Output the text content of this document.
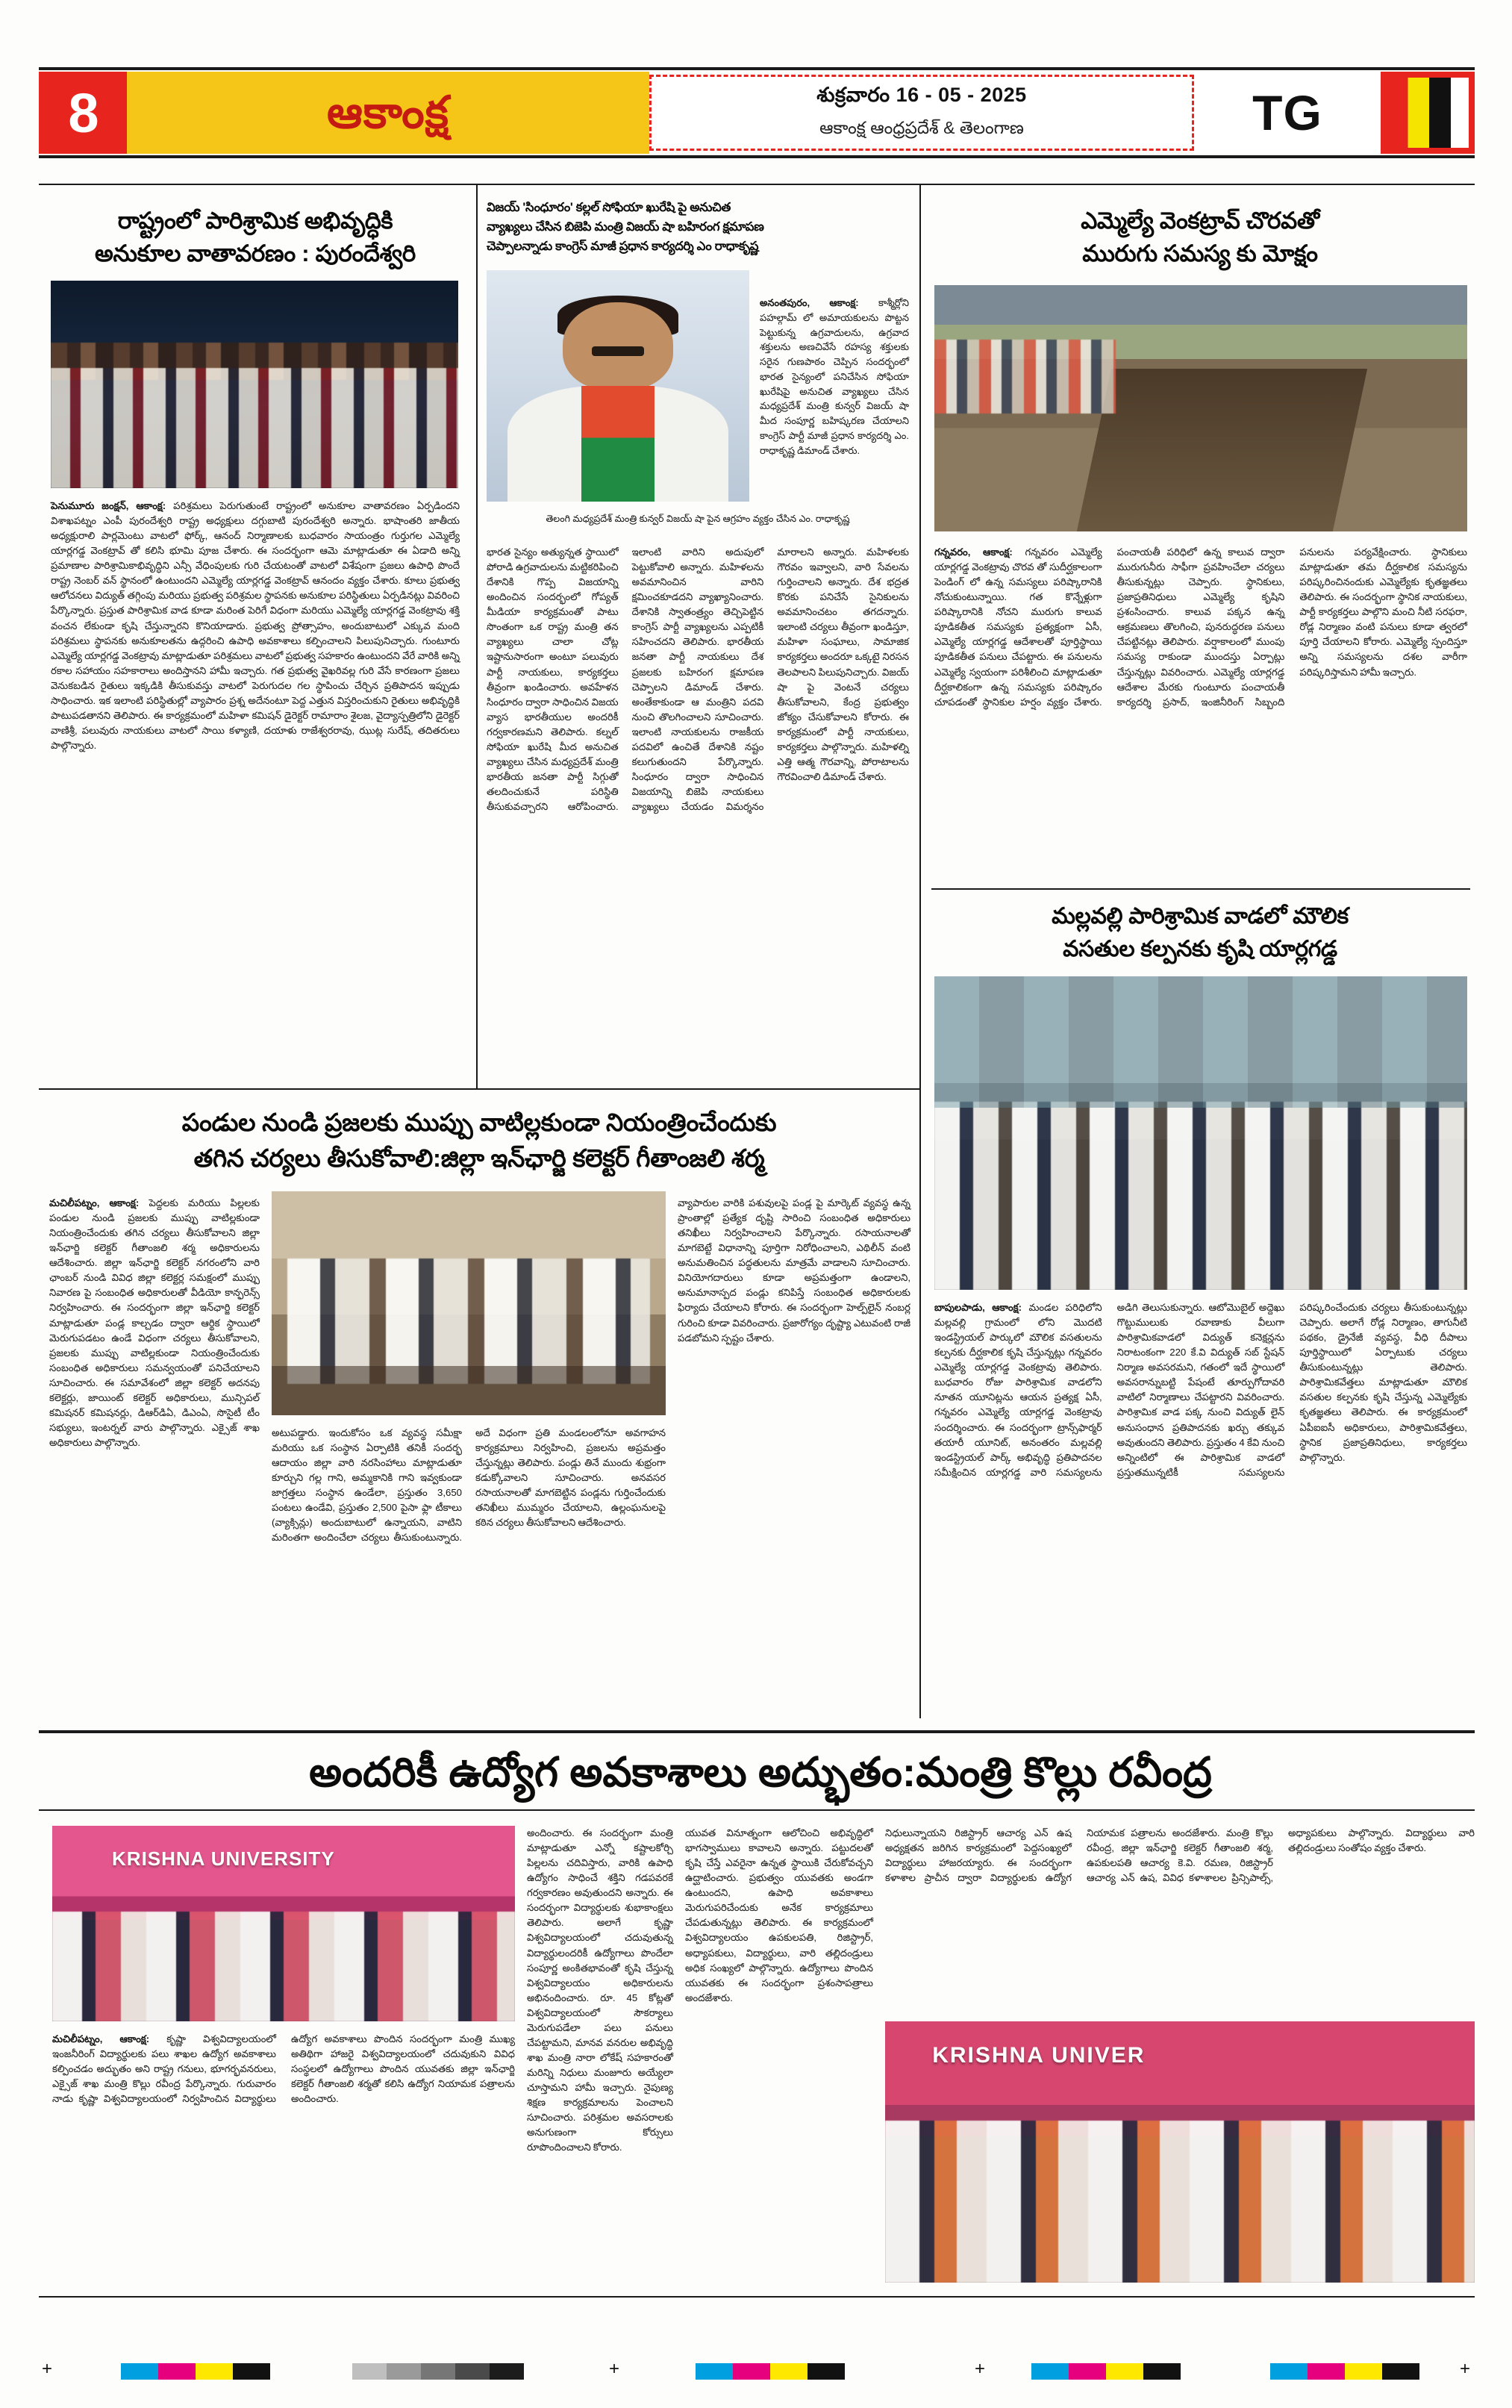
8	ఆకాంక్ష	శుక్రవారం 16 - 05 - 2025
ఆకాంక్ష ఆంధ్రప్రదేశ్ & తెలంగాణ	TG
రాష్ట్రంలో పారిశ్రామిక అభివృద్ధికి
అనుకూల వాతావరణం : పురందేశ్వరి
పెనుమూరు జంక్షన్, ఆకాంక్ష: పరిశ్రమలు పెరుగుతుంటే రాష్ట్రంలో అనుకూల వాతావరణం ఏర్పడిందని విశాఖపట్నం ఎంపీ పురందేశ్వరి రాష్ట్ర అధ్యక్షులు దగ్గుబాటి పురందేశ్వరి అన్నారు. భాషాంతరి జాతీయ అధ్యక్షురాలి పార్లమెంటు వాటలో ఫోర్క్, ఆనంద్ నిర్మాణాలకు బుధవారం సాయంత్రం గుర్తుగల ఎమ్మెల్యే యార్లగడ్డ వెంకట్రావ్ తో కలిసి భూమి పూజ చేశారు. ఈ సందర్భంగా ఆమె మాట్లాడుతూ ఈ ఏడాది అన్ని ప్రమాణాల పారిశ్రామికాభివృద్ధిని ఎన్సీ వేధింపులకు గురి చేయటంతో వాటలో విశేషంగా ప్రజలు ఉపాధి పొందే రాష్ట్ర నెంబర్ వన్ స్థానంలో ఉంటుందని ఎమ్మెల్యే యార్లగడ్డ వెంకట్రావ్ ఆనందం వ్యక్తం చేశారు. కూలు ప్రభుత్వ ఆలోచనలు విద్యుత్ తగ్గింపు మరియు ప్రభుత్వ పరిశ్రమల స్థాపనకు అనుకూల పరిస్థితులు ఏర్పడినట్లు వివరించి పేర్కొన్నారు. ప్రస్తుత పారిశ్రామిక వాడ కూడా మరింత పెరిగే విధంగా మరియు ఎమ్మెల్యే యార్లగడ్డ వెంకట్రావు శక్తి వంచన లేకుండా కృషి చేస్తున్నారని కొనియాడారు. ప్రభుత్వ ప్రోత్సాహం, అందుబాటులో ఎక్కువ మంది పరిశ్రమలు స్థాపనకు అనుకూలతను ఉద్గరించి ఉపాధి అవకాశాలు కల్పించాలని పిలుపునిచ్చారు. గుంటూరు ఎమ్మెల్యే యార్లగడ్డ వెంకట్రావు మాట్లాడుతూ పరిశ్రమలు వాటలో ప్రభుత్వ సహకారం ఉంటుందని వేరే వారికి అన్ని రకాల సహాయం సహకారాలు అందిస్తానని హామీ ఇచ్చారు. గత ప్రభుత్వ వైఖరివల్ల గురి వేసే కారణంగా ప్రజలు వెనుకబడిన రైతులు ఇక్కడికి తీసుకువస్తు వాటలో పెరుగుదల గల స్థాపించు చేర్చిన ప్రతిపాదన ఇప్పుడు సాధించారు. ఇక ఇలాంటి పరిస్థితుల్లో వ్యాపారం ప్రశ్న అదేనంటూ పెద్ద ఎత్తున విస్తరించుకుని రైతులు అభివృద్ధికి పాటుపడతానని తెలిపారు. ఈ కార్యక్రమంలో మహిళా కమిషన్ డైరెక్టర్ రామారాం శైలజ, వైద్యాస్పత్రిలోని డైరెక్టర్ వాణిశ్రీ, పలువురు నాయకులు వాటలో సాయి కళ్యాణి, దయాళు రాజేశ్వరరావు, ఝుట్ల సురేష్, తదితరులు పాల్గొన్నారు.
విజయ్ 'సింధూరం' కల్లల్ సోఫియా ఖురేషి పై అనుచిత
వ్యాఖ్యలు చేసిన బిజెపి మంత్రి విజయ్ షా బహిరంగ క్షమాపణ
చెప్పాలన్నాడు కాంగ్రెస్ మాజీ ప్రధాన కార్యదర్శి ఎం రాధాకృష్ణ
అనంతపురం, ఆకాంక్ష: కాశ్మీర్లోని పహల్గామ్ లో అమాయకులను పొట్టన పెట్టుకున్న ఉగ్రవాదులను, ఉగ్రవాద శక్తులను అణచివేసే రహస్య శక్తులకు సరైన గుణపాఠం చెప్పిన సందర్భంలో భారత సైన్యంలో పనిచేసిన సోఫియా ఖురేషిపై అనుచిత వ్యాఖ్యలు చేసిన మధ్యప్రదేశ్ మంత్రి కున్వర్ విజయ్ షా మీద సంపూర్ణ బహిష్కరణ చేయాలని కాంగ్రెస్ పార్టీ మాజీ ప్రధాన కార్యదర్శి ఎం. రాధాకృష్ణ డిమాండ్ చేశారు.
తెలంగి మధ్యప్రదేశ్ మంత్రి కున్వర్ విజయ్ షా పైన ఆగ్రహం వ్యక్తం చేసిన ఎం. రాధాకృష్ణ
భారత సైన్యం అత్యున్నత స్థాయిలో పోరాడి ఉగ్రవాదులను మట్టికరిపించి దేశానికి గొప్ప విజయాన్ని అందించిన సందర్భంలో గోప్యత్ మీడియా కార్యక్రమంతో పాటు సొంతంగా ఒక రాష్ట్ర మంత్రి తన వ్యాఖ్యలు చాలా చోట్ల ఇష్టానుసారంగా అంటూ పలువురు పార్టీ నాయకులు, కార్యకర్తలు తీవ్రంగా ఖండించారు. అవహేళన సింధూరం ద్వారా సాధించిన విజయ వ్యాస భారతీయుల అందరికీ గర్వకారణమని తెలిపారు. కల్నల్ సోఫియా ఖురేషి మీద అనుచిత వ్యాఖ్యలు చేసిన మధ్యప్రదేశ్ మంత్రి భారతీయ జనతా పార్టీ సిగ్గుతో తలదించుకునే పరిస్థితి తీసుకువచ్చారని ఆరోపించారు. ఇలాంటి వారిని అదుపులో పెట్టుకోవాలి అన్నారు. మహిళలను అవమానించిన వారిని క్షమించకూడదని వ్యాఖ్యానించారు. దేశానికి స్వాతంత్ర్యం తెచ్చిపెట్టిన కాంగ్రెస్ పార్టీ వ్యాఖ్యలను ఎప్పటికీ సహించదని తెలిపారు. భారతీయ జనతా పార్టీ నాయకులు దేశ ప్రజలకు బహిరంగ క్షమాపణ చెప్పాలని డిమాండ్ చేశారు. అంతేకాకుండా ఆ మంత్రిని పదవి నుంచి తొలగించాలని సూచించారు. ఇలాంటి నాయకులను రాజకీయ పదవిలో ఉంచితే దేశానికి నష్టం కలుగుతుందని పేర్కొన్నారు. సింధూరం ద్వారా సాధించిన విజయాన్ని బిజెపి నాయకులు వ్యాఖ్యలు చేయడం విమర్శనం మారాలని అన్నారు. మహిళలకు గౌరవం ఇవ్వాలని, వారి సేవలను గుర్తించాలని అన్నారు. దేశ భద్రత కొరకు పనిచేసే సైనికులను అవమానించటం తగదన్నారు. ఇలాంటి చర్యలు తీవ్రంగా ఖండిస్తూ, మహిళా సంఘాలు, సామాజిక కార్యకర్తలు అందరూ ఒక్కటై నిరసన తెలపాలని పిలుపునిచ్చారు. విజయ్ షా పై వెంటనే చర్యలు తీసుకోవాలని, కేంద్ర ప్రభుత్వం జోక్యం చేసుకోవాలని కోరారు. ఈ కార్యక్రమంలో పార్టీ నాయకులు, కార్యకర్తలు పాల్గొన్నారు. మహిళల్ని ఎత్తి ఆత్మ గౌరవాన్ని, పోరాటాలను గౌరవించాలి డిమాండ్ చేశారు.
ఎమ్మెల్యే వెంకట్రావ్ చొరవతో
మురుగు సమస్య కు మోక్షం
గన్నవరం, ఆకాంక్ష: గన్నవరం ఎమ్మెల్యే యార్లగడ్డ వెంకట్రావు చొరవ తో సుదీర్ఘకాలంగా పెండింగ్ లో ఉన్న సమస్యలు పరిష్కారానికి నోచుకుంటున్నాయి. గత కొన్నేళ్లుగా పరిష్కారానికి నోచని మురుగు కాలువ పూడికతీత సమస్యకు ప్రత్యక్షంగా ఏసీ, ఎమ్మెల్యే యార్లగడ్డ ఆదేశాలతో పూర్తిస్థాయి పూడికతీత పనులు చేపట్టారు. ఈ పనులను ఎమ్మెల్యే స్వయంగా పరిశీలించి మాట్లాడుతూ దీర్ఘకాలికంగా ఉన్న సమస్యకు పరిష్కారం చూపడంతో స్థానికుల హర్షం వ్యక్తం చేశారు. పంచాయతీ పరిధిలో ఉన్న కాలువ ద్వారా మురుగునీరు సాఫీగా ప్రవహించేలా చర్యలు తీసుకున్నట్లు చెప్పారు. స్థానికులు, ప్రజాప్రతినిధులు ఎమ్మెల్యే కృషిని ప్రశంసించారు. కాలువ పక్కన ఉన్న ఆక్రమణలు తొలగించి, పునరుద్ధరణ పనులు చేపట్టినట్లు తెలిపారు. వర్షాకాలంలో ముంపు సమస్య రాకుండా ముందస్తు ఏర్పాట్లు చేస్తున్నట్లు వివరించారు. ఎమ్మెల్యే యార్లగడ్డ ఆదేశాల మేరకు గుంటూరు పంచాయతీ కార్యదర్శి ప్రసాద్, ఇంజినీరింగ్ సిబ్బంది పనులను పర్యవేక్షించారు. స్థానికులు మాట్లాడుతూ తమ దీర్ఘకాలిక సమస్యను పరిష్కరించినందుకు ఎమ్మెల్యేకు కృతజ్ఞతలు తెలిపారు. ఈ సందర్భంగా స్థానిక నాయకులు, పార్టీ కార్యకర్తలు పాల్గొని మంచి నీటి సరఫరా, రోడ్ల నిర్మాణం వంటి పనులు కూడా త్వరలో పూర్తి చేయాలని కోరారు. ఎమ్మెల్యే స్పందిస్తూ అన్ని సమస్యలను దశల వారీగా పరిష్కరిస్తామని హామీ ఇచ్చారు.
మల్లవల్లి పారిశ్రామిక వాడలో మౌలిక
వసతుల కల్పనకు కృషి యార్లగడ్డ
బాపులపాడు, ఆకాంక్ష: మండల పరిధిలోని మల్లవల్లి గ్రామంలో లోని మొదటి ఇండస్ట్రియల్ పార్కులో మౌలిక వసతులను కల్పనకు దీర్ఘకాలిక కృషి చేస్తున్నట్లు గన్నవరం ఎమ్మెల్యే యార్లగడ్డ వెంకట్రావు తెలిపారు. బుధవారం రోజు పారిశ్రామిక వాడలోని నూతన యూనిట్లను ఆయన ప్రత్యక్ష ఏసీ, గన్నవరం ఎమ్మెల్యే యార్లగడ్డ వెంకట్రావు సందర్శించారు. ఈ సందర్భంగా ట్రాన్స్‌ఫార్మర్ తయారీ యూనిట్, అనంతరం మల్లవల్లి ఇండస్ట్రియల్ పార్క్ అభివృద్ధి ప్రతిపాదనల సమీక్షించిన యార్లగడ్డ వారి సమస్యలను అడిగి తెలుసుకున్నారు. ఆటోమొబైల్ అద్దెఖు గొట్టుములుకు రవాణాకు వీలుగా పారిశ్రామికవాడలో విద్యుత్ కనెక్షన్లను నిరాటంకంగా 220 కే.వి విద్యుత్ సబ్ స్టేషన్ నిర్మాణ అవసరమని, గతంలో ఇదే స్థాయిలో అవసరాన్నుబట్టి పేషంటే తూర్పుగోదావరి వాటిలో నిర్మాణాలు చేపట్టారని వివరించారు. పారిశ్రామిక వాడ పక్క నుంచి విద్యుత్ లైన్ అనుసంధాన ప్రతిపాదనకు ఖర్చు తక్కువ అవుతుందని తెలిపారు. ప్రస్తుతం 4 కేవి నుంచి అన్నింటిలో ఈ పారిశ్రామిక వాడలో ప్రస్తుతమున్నటికీ సమస్యలను పరిష్కరించేందుకు చర్యలు తీసుకుంటున్నట్లు చెప్పారు. అలాగే రోడ్ల నిర్మాణం, తాగునీటి పథకం, డ్రైనేజీ వ్యవస్థ, వీధి దీపాలు పూర్తిస్థాయిలో ఏర్పాటుకు చర్యలు తీసుకుంటున్నట్లు తెలిపారు. పారిశ్రామికవేత్తలు మాట్లాడుతూ మౌలిక వసతుల కల్పనకు కృషి చేస్తున్న ఎమ్మెల్యేకు కృతజ్ఞతలు తెలిపారు. ఈ కార్యక్రమంలో ఏపీఐఐసీ అధికారులు, పారిశ్రామికవేత్తలు, స్థానిక ప్రజాప్రతినిధులు, కార్యకర్తలు పాల్గొన్నారు.
పండుల నుండి ప్రజలకు ముప్పు వాటిల్లకుండా నియంత్రించేందుకు
తగిన చర్యలు తీసుకోవాలి:జిల్లా ఇన్‌ఛార్జి కలెక్టర్ గీతాంజలి శర్మ
మచిలీపట్నం, ఆకాంక్ష: పెద్దలకు మరియు పిల్లలకు పండుల నుండి ప్రజలకు ముప్పు వాటిల్లకుండా నియంత్రించేందుకు తగిన చర్యలు తీసుకోవాలని జిల్లా ఇన్‌ఛార్జి కలెక్టర్ గీతాంజలి శర్మ అధికారులను ఆదేశించారు. జిల్లా ఇన్‌ఛార్జి కలెక్టర్ నగరంలోని వారి ఛాంబర్ నుండి వివిధ జిల్లా కలెక్టర్ల సమక్షంలో ముప్పు నివారణ పై సంబంధిత అధికారులతో వీడియో కాన్ఫరెన్స్ నిర్వహించారు. ఈ సందర్భంగా జిల్లా ఇన్‌ఛార్జి కలెక్టర్ మాట్లాడుతూ పండ్ల కాల్చడం ద్వారా ఆర్థిక స్థాయిలో మెరుగుపడటం ఉండే విధంగా చర్యలు తీసుకోవాలని, ప్రజలకు ముప్పు వాటిల్లకుండా నియంత్రించేందుకు సంబంధిత అధికారులు సమన్వయంతో పనిచేయాలని సూచించారు. ఈ సమావేశంలో జిల్లా కలెక్టర్ అదనపు కలెక్టర్లు, జాయింట్ కలెక్టర్ అధికారులు, మున్సిపల్ కమిషనర్ కమిషనర్లు, డిఆర్‌డిఏ, డిఎంఏ, సొసైటీ టీం సభ్యులు, ఇంటర్నల్ వారు పాల్గొన్నారు. ఎక్సైజ్ శాఖ అధికారులు పాల్గొన్నారు.
అటుపడ్డారు. ఇందుకోసం ఒక వ్యవస్థ సమీక్షా మరియు ఒక సంస్థాన ఏర్పాటికి తనికీ సందర్భ ఆదాయం జిల్లా వారి నరసింహాలు మాట్లాడుతూ కూర్చుని గల్ల గాని, అమ్మకానికి గాని ఇవ్వకుండా జాగ్రత్తలు సంస్థాన ఉండేలా, ప్రస్తుతం 3,650 పంటలు ఉండేవి, ప్రస్తుతం 2,500 పైసా ఫ్లా టీకాలు (వ్యాక్సిన్లు) అందుబాటులో ఉన్నాయని, వాటిని మరింతగా అందించేలా చర్యలు తీసుకుంటున్నారు. అదే విధంగా ప్రతి మండలంలోనూ అవగాహన కార్యక్రమాలు నిర్వహించి, ప్రజలను అప్రమత్తం చేస్తున్నట్లు తెలిపారు. పండ్లు తినే ముందు శుభ్రంగా కడుక్కోవాలని సూచించారు. అనవసర రసాయనాలతో మాగబెట్టిన పండ్లను గుర్తించేందుకు తనిఖీలు ముమ్మరం చేయాలని, ఉల్లంఘనులపై కఠిన చర్యలు తీసుకోవాలని ఆదేశించారు.
వ్యాపారుల వారికి పశువులపై పండ్ల పై మార్కెట్ వ్యవస్థ ఉన్న ప్రాంతాల్లో ప్రత్యేక దృష్టి సారించి సంబంధిత అధికారులు తనిఖీలు నిర్వహించాలని పేర్కొన్నారు. రసాయనాలతో మాగబెట్టే విధానాన్ని పూర్తిగా నిరోధించాలని, ఎథిలీన్ వంటి అనుమతించిన పద్ధతులను మాత్రమే వాడాలని సూచించారు. వినియోగదారులు కూడా అప్రమత్తంగా ఉండాలని, అనుమానాస్పద పండ్లు కనిపిస్తే సంబంధిత అధికారులకు ఫిర్యాదు చేయాలని కోరారు. ఈ సందర్భంగా హెల్ప్‌లైన్ నంబర్ల గురించి కూడా వివరించారు. ప్రజారోగ్యం దృష్ట్యా ఎటువంటి రాజీ పడబోమని స్పష్టం చేశారు.
అందరికీ ఉద్యోగ అవకాశాలు అద్భుతం:మంత్రి కొల్లు రవీంద్ర
KRISHNA UNIVERSITY
KRISHNA UNIVER
మచిలీపట్నం, ఆకాంక్ష: కృష్ణా విశ్వవిద్యాలయంలో ఇంజనీరింగ్ విద్యార్థులకు పలు శాఖల ఉద్యోగ అవకాశాలు కల్పించడం అద్భుతం అని రాష్ట్ర గనులు, భూగర్భవనరులు, ఎక్సైజ్ శాఖ మంత్రి కొల్లు రవీంద్ర పేర్కొన్నారు. గురువారం నాడు కృష్ణా విశ్వవిద్యాలయంలో నిర్వహించిన విద్యార్థులు ఉద్యోగ అవకాశాలు పొందిన సందర్భంగా మంత్రి ముఖ్య అతిథిగా హాజరై విశ్వవిద్యాలయంలో చదువుకుని వివిధ సంస్థలలో ఉద్యోగాలు పొందిన యువతకు జిల్లా ఇన్‌ఛార్జి కలెక్టర్ గీతాంజలి శర్మతో కలిసి ఉద్యోగ నియామక పత్రాలను అందించారు.
అందించారు. ఈ సందర్భంగా మంత్రి మాట్లాడుతూ ఎన్నో కష్టాలకోర్చి పిల్లలను చదివిస్తారు, వారికి ఉపాధి ఉద్యోగం సాధించే శక్తిని గడపవరకే గర్వకారణం అవుతుందని అన్నారు. ఈ సందర్భంగా విద్యార్థులకు శుభాకాంక్షలు తెలిపారు. అలాగే కృష్ణా విశ్వవిద్యాలయంలో చదువుతున్న విద్యార్థులందరికీ ఉద్యోగాలు పొందేలా సంపూర్ణ అంకితభావంతో కృషి చేస్తున్న విశ్వవిద్యాలయం అధికారులను అభినందించారు. రూ. 45 కోట్లతో విశ్వవిద్యాలయంలో సౌకర్యాలు మెరుగుపడేలా పలు పనులు చేపట్టామని, మానవ వనరుల అభివృద్ధి శాఖ మంత్రి నారా లోకేష్ సహకారంతో మరిన్ని నిధులు మంజూరు అయ్యేలా చూస్తామని హామీ ఇచ్చారు. నైపుణ్య శిక్షణ కార్యక్రమాలను పెంచాలని సూచించారు. పరిశ్రమల అవసరాలకు అనుగుణంగా కోర్సులు రూపొందించాలని కోరారు.
యువత వినూత్నంగా ఆలోచించి అభివృద్ధిలో భాగస్వాములు కావాలని అన్నారు. పట్టుదలతో కృషి చేస్తే ఎవరైనా ఉన్నత స్థాయికి చేరుకోవచ్చని ఉద్ఘాటించారు. ప్రభుత్వం యువతకు అండగా ఉంటుందని, ఉపాధి అవకాశాలు మెరుగుపరిచేందుకు అనేక కార్యక్రమాలు చేపడుతున్నట్లు తెలిపారు. ఈ కార్యక్రమంలో విశ్వవిద్యాలయం ఉపకులపతి, రిజిస్ట్రార్, అధ్యాపకులు, విద్యార్థులు, వారి తల్లిదండ్రులు అధిక సంఖ్యలో పాల్గొన్నారు. ఉద్యోగాలు పొందిన యువతకు ఈ సందర్భంగా ప్రశంసాపత్రాలు అందజేశారు.
నిధులున్నాయని రిజిస్ట్రార్ ఆచార్య ఎన్ ఉష అధ్యక్షతన జరిగిన కార్యక్రమంలో పెద్దసంఖ్యలో విద్యార్థులు హాజరయ్యారు. ఈ సందర్భంగా కళాశాల ప్రాచీన ద్వారా విద్యార్థులకు ఉద్యోగ నియామక పత్రాలను అందజేశారు. మంత్రి కొల్లు రవీంద్ర, జిల్లా ఇన్‌ఛార్జి కలెక్టర్ గీతాంజలి శర్మ, ఉపకులపతి ఆచార్య కె.వి. రమణ, రిజిస్ట్రార్ ఆచార్య ఎన్ ఉష, వివిధ కళాశాలల ప్రిన్సిపాల్స్, అధ్యాపకులు పాల్గొన్నారు. విద్యార్థులు వారి తల్లిదండ్రులు సంతోషం వ్యక్తం చేశారు.
+	+	+	+
